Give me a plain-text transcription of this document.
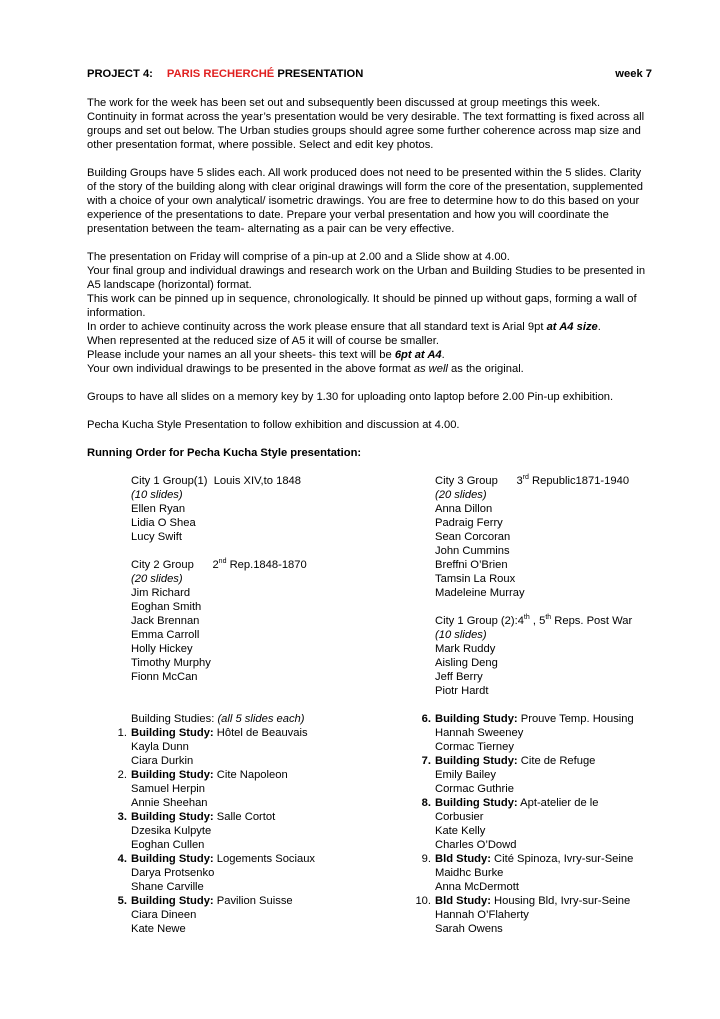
PROJECT 4: PARIS RECHERCHÉ PRESENTATION	week 7

The work for the week has been set out and subsequently been discussed at group meetings this week. Continuity in format across the year’s presentation would be very desirable. The text formatting is fixed across all groups and set out below. The Urban studies groups should agree some further coherence across map size and other presentation format, where possible. Select and edit key photos.

Building Groups have 5 slides each. All work produced does not need to be presented within the 5 slides. Clarity of the story of the building along with clear original drawings will form the core of the presentation, supplemented with a choice of your own analytical/ isometric drawings. You are free to determine how to do this based on your experience of the presentations to date. Prepare your verbal presentation and how you will coordinate the presentation between the team- alternating as a pair can be very effective.

The presentation on Friday will comprise of a pin-up at 2.00 and a Slide show at 4.00.

Your final group and individual drawings and research work on the Urban and Building Studies to be presented in A5 landscape (horizontal) format.

This work can be pinned up in sequence, chronologically. It should be pinned up without gaps, forming a wall of information.

In order to achieve continuity across the work please ensure that all standard text is Arial 9pt at A4 size.

When represented at the reduced size of A5 it will of course be smaller.

Please include your names an all your sheets- this text will be 6pt at A4.

Your own individual drawings to be presented in the above format as well as the original.

Groups to have all slides on a memory key by 1.30 for uploading onto laptop before 2.00 Pin-up exhibition.

Pecha Kucha Style Presentation to follow exhibition and discussion at 4.00.

Running Order for Pecha Kucha Style presentation:

City 1 Group(1)  Louis XIV,to 1848
(10 slides)
Ellen Ryan
Lidia O Shea
Lucy Swift
City 2 Group      2nd Rep.1848-1870
(20 slides)
Jim Richard
Eoghan Smith
Jack Brennan
Emma Carroll
Holly Hickey
Timothy Murphy
Fionn McCan
Building Studies: (all 5 slides each)
1. Building Study: Hôtel de Beauvais
Kayla Dunn
Ciara Durkin
2. Building Study: Cite Napoleon
Samuel Herpin
Annie Sheehan
3. Building Study: Salle Cortot
Dzesika Kulpyte
Eoghan Cullen
4. Building Study: Logements Sociaux
Darya Protsenko
Shane Carville
5. Building Study: Pavilion Suisse
Ciara Dineen
Kate Newe
City 3 Group      3rd Republic1871-1940
(20 slides)
Anna Dillon
Padraig Ferry
Sean Corcoran
John Cummins
Breffni O’Brien
Tamsin La Roux
Madeleine Murray
City 1 Group (2):4th , 5th Reps. Post War
(10 slides)
Mark Ruddy
Aisling Deng
Jeff Berry
Piotr Hardt
6. Building Study: Prouve Temp. Housing
Hannah Sweeney
Cormac Tierney
7. Building Study: Cite de Refuge
Emily Bailey
Cormac Guthrie
8. Building Study: Apt-atelier de le
Corbusier
Kate Kelly
Charles O’Dowd
9. Bld Study: Cité Spinoza, Ivry-sur-Seine
Maidhc Burke
Anna McDermott
10. Bld Study: Housing Bld, Ivry-sur-Seine
Hannah O’Flaherty
Sarah Owens
